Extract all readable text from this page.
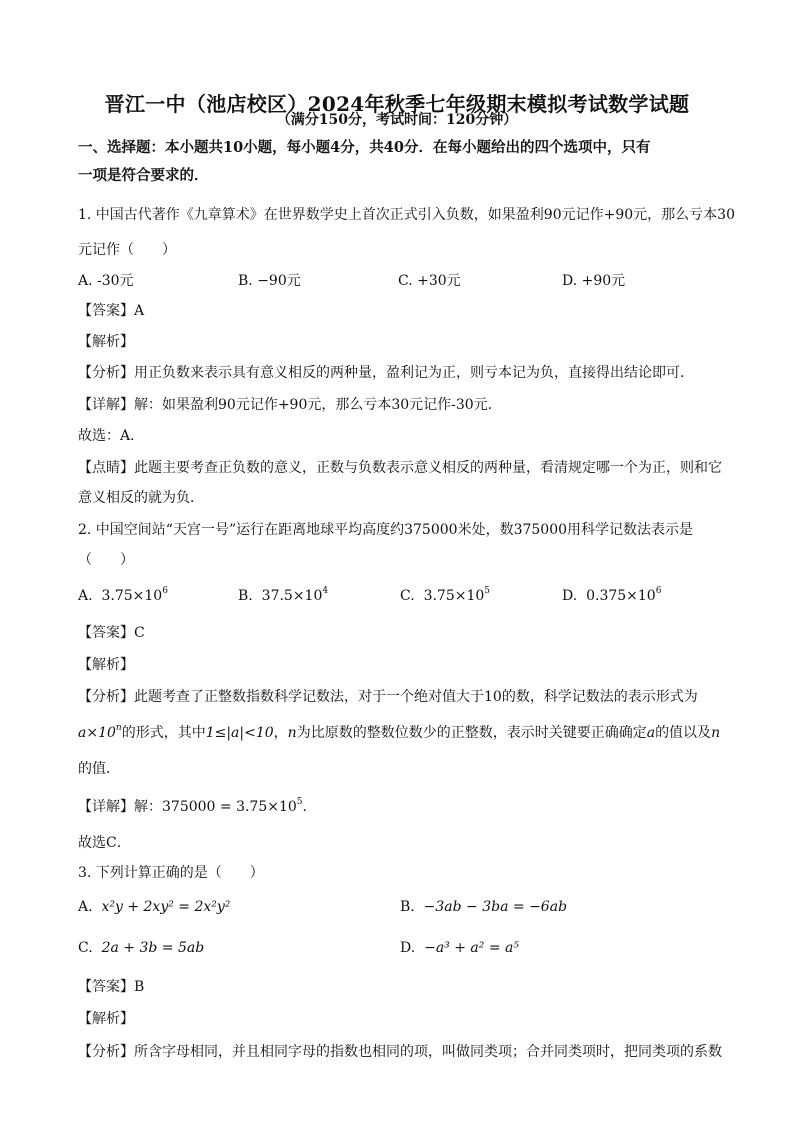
晋江一中（池店校区）2024年秋季七年级期末模拟考试数学试题
（满分150分，考试时间：120分钟）
一、选择题：本小题共10小题，每小题4分，共40分．在每小题给出的四个选项中，只有
一项是符合要求的．
1. 中国古代著作《九章算术》在世界数学史上首次正式引入负数，如果盈利90元记作+90元，那么亏本30
元记作（　　）
A. ‐30元	B. −90元	C. +30元	D. +90元
【答案】A
【解析】
【分析】用正负数来表示具有意义相反的两种量，盈利记为正，则亏本记为负，直接得出结论即可．
【详解】解：如果盈利90元记作+90元，那么亏本30元记作‐30元．
故选：A．
【点睛】此题主要考查正负数的意义，正数与负数表示意义相反的两种量，看清规定哪一个为正，则和它
意义相反的就为负．
2. 中国空间站“天宫一号”运行在距离地球平均高度约375000米处，数375000用科学记数法表示是
（　　）
A. $3.75\times 10^6$	B. $37.5\times 10^4$	C. $3.75\times 10^5$	D. $0.375\times 10^6$
【答案】C
【解析】
【分析】此题考查了正整数指数科学记数法，对于一个绝对值大于10的数，科学记数法的表示形式为
$a\times 10^n$的形式，其中1≤|a|<10，n为比原数的整数位数少的正整数，表示时关键要正确确定a的值以及n
的值．
【详解】解：$375000 = 3.75\times 10^5$．
故选C．
3. 下列计算正确的是（　　）
A. x²y + 2xy² = 2x²y²	B. −3ab − 3ba = −6ab
C. 2a + 3b = 5ab	D. −a³ + a² = a⁵
【答案】B
【解析】
【分析】所含字母相同，并且相同字母的指数也相同的项，叫做同类项；合并同类项时，把同类项的系数
